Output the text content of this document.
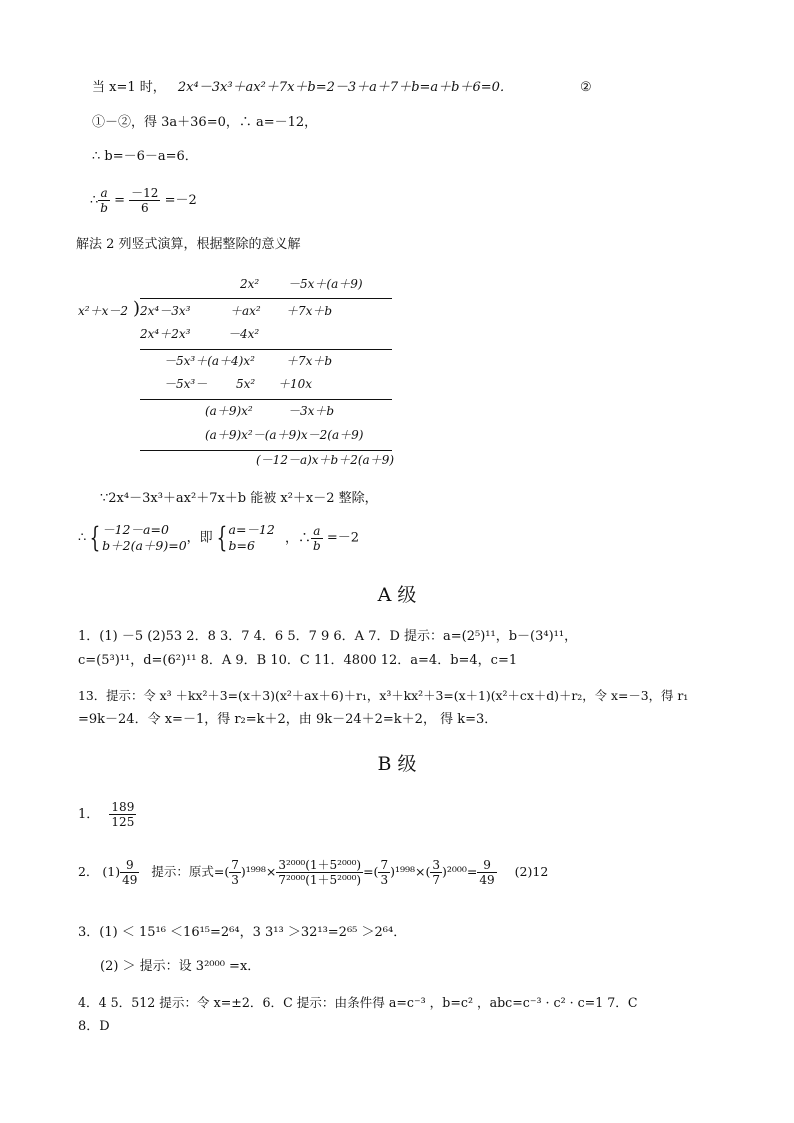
当 x=1 时， 2x⁴－3x³＋ax²＋7x＋b=2－3＋a＋7＋b=a＋b＋6=0．	②
①－②，得 3a＋36=0，∴ a=－12，
∴ b=－6－a=6．
∴ $\frac{a}{b} = \frac{-12}{6} =-2$
解法 2 列竖式演算，根据整除的意义解
2x² －5x＋(a＋9)
x²＋x－2 ) 2x⁴－3x³	＋ax² ＋7x＋b
2x⁴＋2x³	－4x²
－5x³＋(a＋4)x²	＋7x＋b
－5x³－ 5x² ＋10x
(a＋9)x²	－3x＋b
(a＋9)x²－(a＋9)x－2(a＋9)
(－12－a)x＋b＋2(a＋9)
∵2x⁴－3x³＋ax²＋7x＋b 能被 x²＋x－2 整除，
∴ { －12－a=0
b＋2(a＋9)=0 ，即 { a=－12
b=6	，∴ $\frac{a}{b} =-2$
A 级
1．(1) －5 (2)53 2．8 3．7 4．6 5．7 9 6．A 7．D 提示：a=(2⁵)¹¹，b－(3⁴)¹¹，
c=(5³)¹¹，d=(6²)¹¹ 8．A 9．B 10．C 11．4800 12．a=4．b=4，c=1
13．提示：令 x³ ＋kx²＋3=(x＋3)(x²＋ax＋6)＋r₁，x³＋kx²＋3=(x＋1)(x²＋cx＋d)＋r₂，令 x=－3，得 r₁
=9k－24．令 x=－1，得 r₂=k＋2，由 9k－24＋2=k＋2， 得 k=3．
B 级
1． $\frac{189}{125}$
2． $(1) \frac{9}{49}$ 提示：原式=( $\frac{7}{3} )^{1998}\times \frac{\text{3²⁰⁰⁰(1＋5²⁰⁰⁰)}}{\text{7²⁰⁰⁰(1＋5²⁰⁰⁰)}}$ =( $\frac{7}{3} )^{1998}\times( \frac{3}{7} )^{2000}= \frac{9}{49} (2)12$
3．(1) ＜ 15¹⁶ ＜16¹⁵=2⁶⁴，3 3¹³ ＞32¹³=2⁶⁵ ＞2⁶⁴．
(2) ＞ 提示：设 3²⁰⁰⁰ =x．
4．4 5．512 提示：令 x=±2．6．C 提示：由条件得 a=c⁻³ ，b=c² ，abc=c⁻³ · c² · c=1 7．C
8．D
